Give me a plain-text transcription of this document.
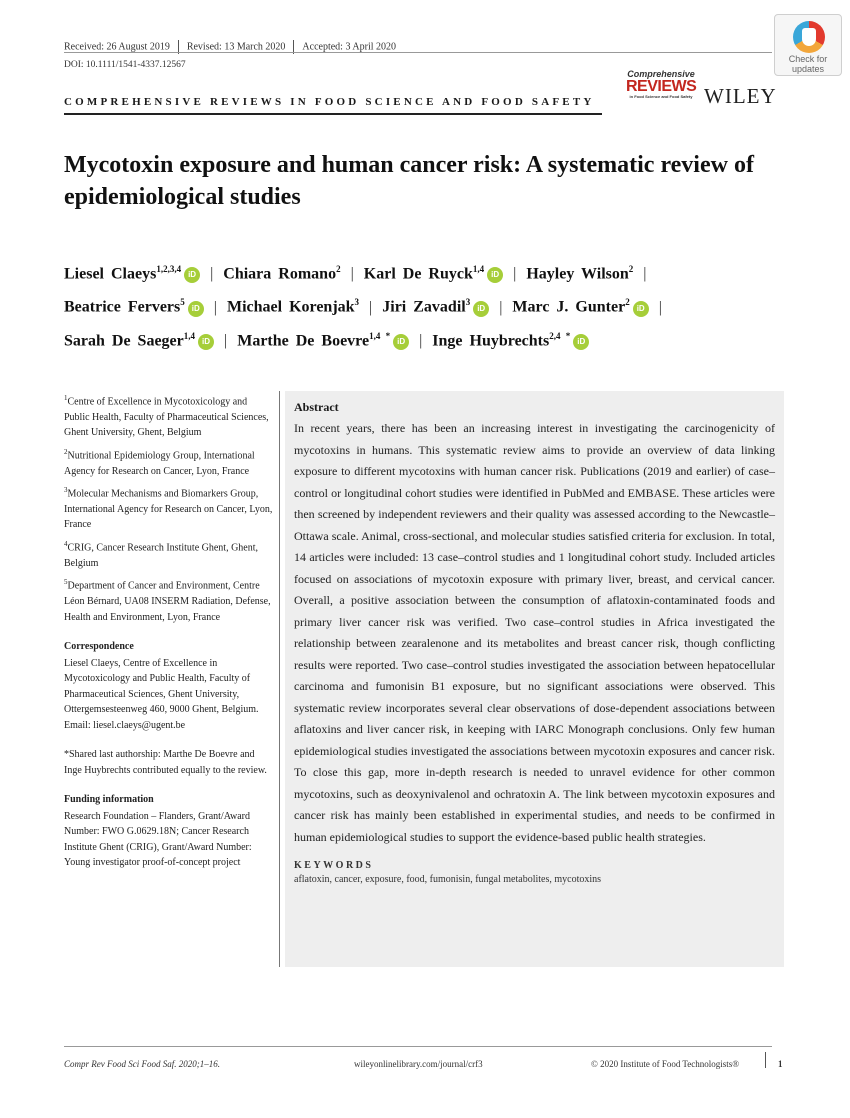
Received: 26 August 2019 Revised: 13 March 2020 Accepted: 3 April 2020
DOI: 10.1111/1541-4337.12567
COMPREHENSIVE REVIEWS IN FOOD SCIENCE AND FOOD SAFETY
Check for
updates
Comprehensive
REVIEWS
in Food Science and Food Safety WILEY
Mycotoxin exposure and human cancer risk: A systematic review of epidemiological studies
Liesel Claeys$^{1,2,3,4}$iD | Chiara Romano$^2$ | Karl De Ruyck$^{1,4}$iD | Hayley Wilson$^2$ |
Beatrice Fervers$^5$iD | Michael Korenjak$^3$ | Jiri Zavadil$^3$iD | Marc J. Gunter$^2$iD |
Sarah De Saeger$^{1,4}$iD | Marthe De Boevre$^{1,4 *}$iD | Inge Huybrechts$^{2,4 *}$iD
$^1$Centre of Excellence in Mycotoxicology and Public Health, Faculty of Pharmaceutical Sciences, Ghent University, Ghent, Belgium
$^2$Nutritional Epidemiology Group, International Agency for Research on Cancer, Lyon, France
$^3$Molecular Mechanisms and Biomarkers Group, International Agency for Research on Cancer, Lyon, France
$^4$CRIG, Cancer Research Institute Ghent, Ghent, Belgium
$^5$Department of Cancer and Environment, Centre Léon Bérnard, UA08 INSERM Radiation, Defense, Health and Environment, Lyon, France
Correspondence

Liesel Claeys, Centre of Excellence in Mycotoxicology and Public Health, Faculty of Pharmaceutical Sciences, Ghent University, Ottergemsesteenweg 460, 9000 Ghent, Belgium.

Email: liesel.claeys@ugent.be

*Shared last authorship: Marthe De Boevre and Inge Huybrechts contributed equally to the review.

Funding information

Research Foundation – Flanders, Grant/Award Number: FWO G.0629.18N; Cancer Research Institute Ghent (CRIG), Grant/Award Number: Young investigator proof-of-concept project

Abstract
In recent years, there has been an increasing interest in investigating the carcinogenicity of mycotoxins in humans. This systematic review aims to provide an overview of data linking exposure to different mycotoxins with human cancer risk. Publications (2019 and earlier) of case–control or longitudinal cohort studies were identified in PubMed and EMBASE. These articles were then screened by independent reviewers and their quality was assessed according to the Newcastle–Ottawa scale. Animal, cross-sectional, and molecular studies satisfied criteria for exclusion. In total, 14 articles were included: 13 case–control studies and 1 longitudinal cohort study. Included articles focused on associations of mycotoxin exposure with primary liver, breast, and cervical cancer. Overall, a positive association between the consumption of aflatoxin-contaminated foods and primary liver cancer risk was verified. Two case–control studies in Africa investigated the relationship between zearalenone and its metabolites and breast cancer risk, though conflicting results were reported. Two case–control studies investigated the association between hepatocellular carcinoma and fumonisin B1 exposure, but no significant associations were observed. This systematic review incorporates several clear observations of dose-dependent associations between aflatoxins and liver cancer risk, in keeping with IARC Monograph conclusions. Only few human epidemiological studies investigated the associations between mycotoxin exposures and cancer risk. To close this gap, more in-depth research is needed to unravel evidence for other common mycotoxins, such as deoxynivalenol and ochratoxin A. The link between mycotoxin exposures and cancer risk has mainly been established in experimental studies, and needs to be confirmed in human epidemiological studies to support the evidence-based public health strategies.
KEYWORDS
aflatoxin, cancer, exposure, food, fumonisin, fungal metabolites, mycotoxins
Compr Rev Food Sci Food Saf. 2020;1–16.	wileyonlinelibrary.com/journal/crf3	© 2020 Institute of Food Technologists®	1
